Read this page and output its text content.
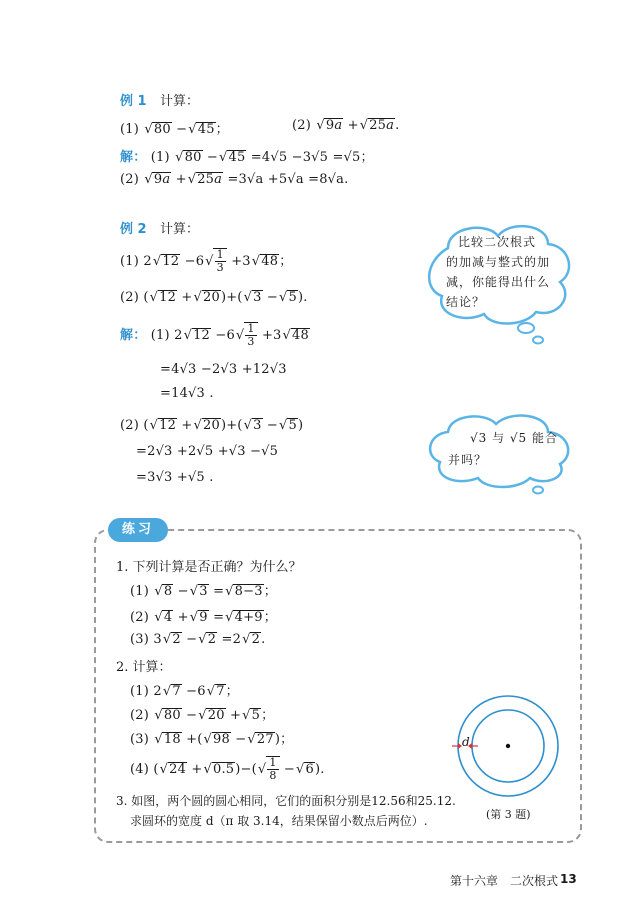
例 1 计算：
(1) √ 80 −√ 45；	(2) √ 9a +√ 25a.
解： (1) √ 80 −√ 45 =4√5 −3√5 =√5；
(2) √ 9a +√ 25a =3√a +5√a =8√a.
例 2 计算：
(1) 2√ 12 −6
√ $\frac{1}{3} +3√$ 48；
(2) (√ 12 +√ 20)+(√ 3 −√ 5).
解： (1) 2√ 12 −6
√ $\frac{1}{3} +3√$ 48
=4√3 −2√3 +12√3
=14√3 .
(2) (√ 12 +√ 20)+(√ 3 −√ 5)
=2√3 +2√5 +√3 −√5
=3√3 +√5 .
比较二次根式
的加减与整式的加
减，你能得出什么
结论？
√3 与 √5 能合
并吗？
练习
1. 下列计算是否正确？为什么？
(1) √ 8 −√ 3 =√ 8−3；
(2) √ 4 +√ 9 =√ 4+9；
(3) 3√ 2 −√ 2 =2√ 2.
2. 计算：
(1) 2√ 7 −6√ 7；
(2) √ 80 −√ 20 +√ 5；
(3) √ 18 +(√ 98 −√ 27)；
(4) (√ 24 +√ 0.5)−(
√ $\frac{1}{8}$ −√ 6).
3. 如图，两个圆的圆心相同，它们的面积分别是12.56和25.12.
求圆环的宽度 d（π 取 3.14，结果保留小数点后两位）.
d
(第 3 题)
第十六章　二次根式 13
